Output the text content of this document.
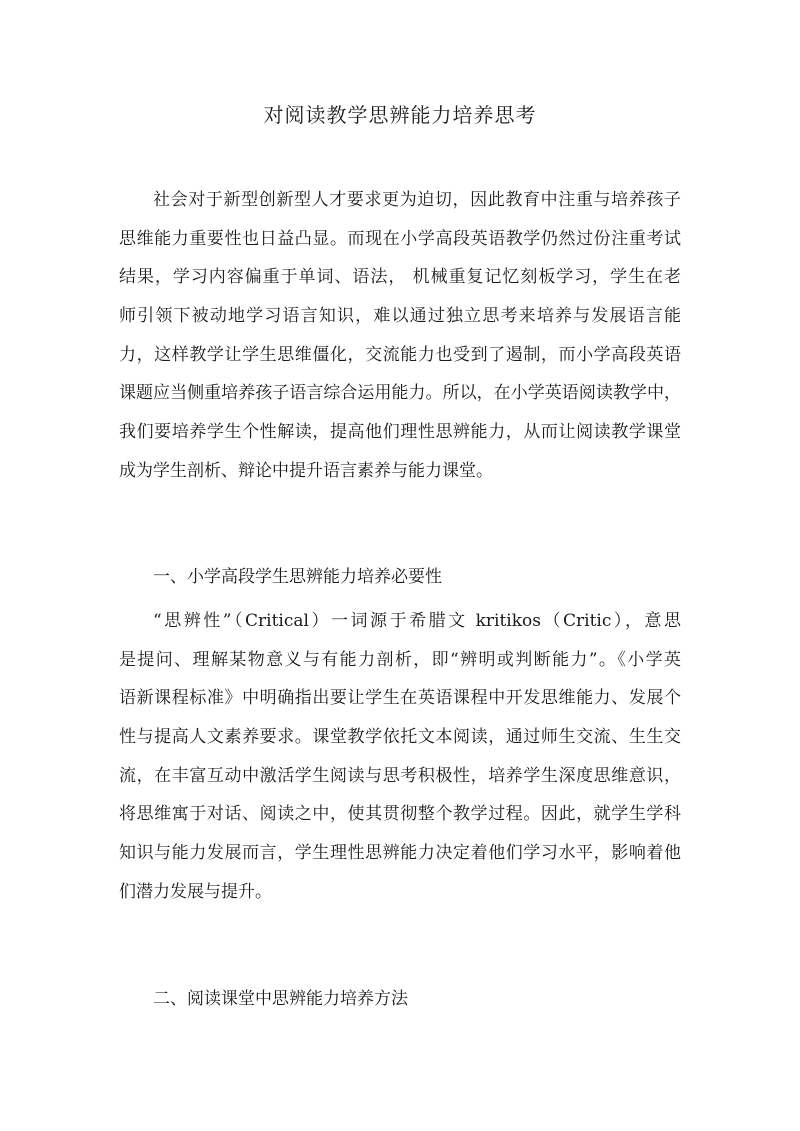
对阅读教学思辨能力培养思考
社会对于新型创新型人才要求更为迫切，因此教育中注重与培养孩子
思维能力重要性也日益凸显。而现在小学高段英语教学仍然过份注重考试
结果，学习内容偏重于单词、语法， 机械重复记忆刻板学习，学生在老
师引领下被动地学习语言知识，难以通过独立思考来培养与发展语言能
力，这样教学让学生思维僵化，交流能力也受到了遏制，而小学高段英语
课题应当侧重培养孩子语言综合运用能力。所以，在小学英语阅读教学中，
我们要培养学生个性解读，提高他们理性思辨能力，从而让阅读教学课堂
成为学生剖析、辩论中提升语言素养与能力课堂。
一、小学高段学生思辨能力培养必要性
“思辨性”（Critical）一词源于希腊文 kritikos（Critic），意思
是提问、理解某物意义与有能力剖析，即“辨明或判断能力”。《小学英
语新课程标准》中明确指出要让学生在英语课程中开发思维能力、发展个
性与提高人文素养要求。课堂教学依托文本阅读，通过师生交流、生生交
流，在丰富互动中激活学生阅读与思考积极性，培养学生深度思维意识，
将思维寓于对话、阅读之中，使其贯彻整个教学过程。因此，就学生学科
知识与能力发展而言，学生理性思辨能力决定着他们学习水平，影响着他
们潜力发展与提升。
二、阅读课堂中思辨能力培养方法
